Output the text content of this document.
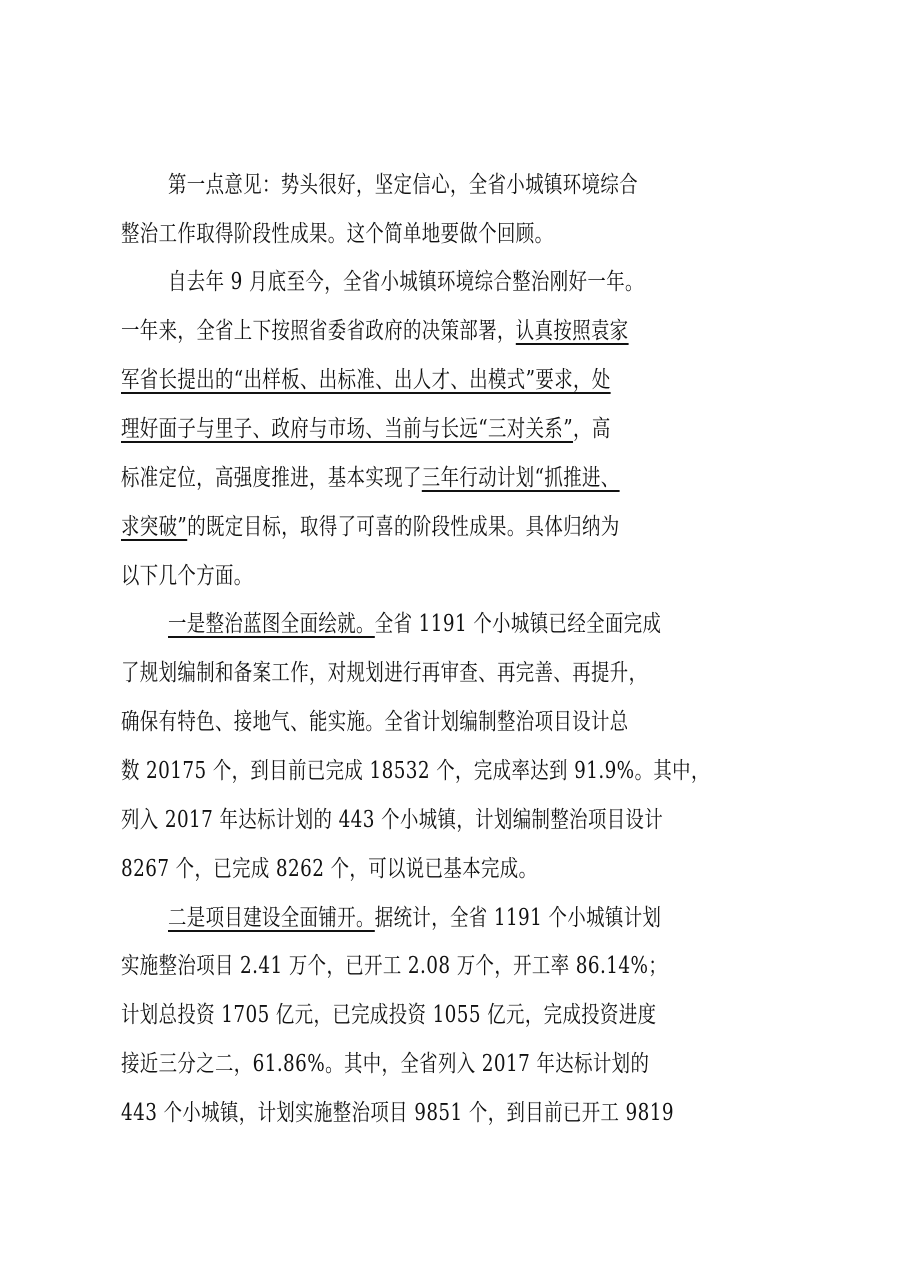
第一点意见：势头很好，坚定信心，全省小城镇环境综合
整治工作取得阶段性成果。这个简单地要做个回顾。
自去年 9 月底至今，全省小城镇环境综合整治刚好一年。
一年来，全省上下按照省委省政府的决策部署，认真按照袁家
军省长提出的“出样板、出标准、出人才、出模式”要求，处
理好面子与里子、政府与市场、当前与长远“三对关系”，高
标准定位，高强度推进，基本实现了三年行动计划“抓推进、
求突破”的既定目标，取得了可喜的阶段性成果。具体归纳为
以下几个方面。
一是整治蓝图全面绘就。全省 1191 个小城镇已经全面完成
了规划编制和备案工作，对规划进行再审查、再完善、再提升，
确保有特色、接地气、能实施。全省计划编制整治项目设计总
数 20175 个，到目前已完成 18532 个，完成率达到 91.9%。其中，
列入 2017 年达标计划的 443 个小城镇，计划编制整治项目设计
8267 个，已完成 8262 个，可以说已基本完成。
二是项目建设全面铺开。据统计，全省 1191 个小城镇计划
实施整治项目 2.41 万个，已开工 2.08 万个，开工率 86.14%；
计划总投资 1705 亿元，已完成投资 1055 亿元，完成投资进度
接近三分之二，61.86%。其中，全省列入 2017 年达标计划的
443 个小城镇，计划实施整治项目 9851 个，到目前已开工 9819
